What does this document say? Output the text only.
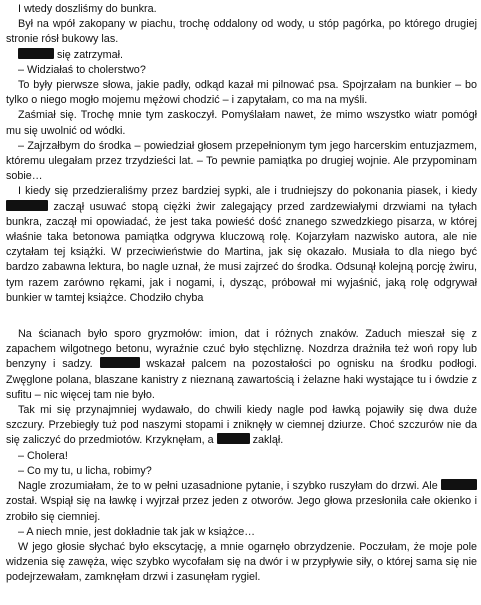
I wtedy doszliśmy do bunkra.

Był na wpół zakopany w piachu, trochę oddalony od wody, u stóp pagórka, po którego drugiej stronie rósł bukowy las.

się zatrzymał.

– Widziałaś to cholerstwo?

To były pierwsze słowa, jakie padły, odkąd kazał mi pilnować psa. Spojrzałam na bunkier – bo tylko o niego mogło mojemu mężowi chodzić – i zapytałam, co ma na myśli.

Zaśmiał się. Trochę mnie tym zaskoczył. Pomyślałam nawet, że mimo wszystko wiatr pomógł mu się uwolnić od wódki.

– Zajrzałbym do środka – powiedział głosem przepełnionym tym jego harcerskim entuzjazmem, któremu ulegałam przez trzydzieści lat. – To pewnie pamiątka po drugiej wojnie. Ale przypominam sobie…

I kiedy się przedzieraliśmy przez bardziej sypki, ale i trudniejszy do pokonania piasek, i kiedy  zaczął usuwać stopą ciężki żwir zalegający przed zardzewiałymi drzwiami na tyłach bunkra, zaczął mi opowiadać, że jest taka powieść dość znanego szwedzkiego pisarza, w której właśnie taka betonowa pamiątka odgrywa kluczową rolę. Kojarzyłam nazwisko autora, ale nie czytałam tej książki. W przeciwieństwie do Martina, jak się okazało. Musiała to dla niego być bardzo zabawna lektura, bo nagle uznał, że musi zajrzeć do środka. Odsunął kolejną porcję żwiru, tym razem zarówno rękami, jak i nogami, i, dysząc, próbował mi wyjaśnić, jaką rolę odgrywał bunkier w tamtej książce. Chodziło chyba

Na ścianach było sporo gryzmołów: imion, dat i różnych znaków. Zaduch mieszał się z zapachem wilgotnego betonu, wyraźnie czuć było stęchliznę. Nozdrza drażniła też woń ropy lub benzyny i sadzy.	wskazał palcem na pozostałości po ognisku na środku podłogi. Zwęglone polana, blaszane kanistry z nieznaną zawartością i żelazne haki wystające tu i ówdzie z sufitu – nic więcej tam nie było.

Tak mi się przynajmniej wydawało, do chwili kiedy nagle pod ławką pojawiły się dwa duże szczury. Przebiegły tuż pod naszymi stopami i zniknęły w ciemnej dziurze. Choć szczurów nie da się zaliczyć do przedmiotów. Krzyknęłam, a	zaklął.

– Cholera!

– Co my tu, u licha, robimy?

Nagle zrozumiałam, że to w pełni uzasadnione pytanie, i szybko ruszyłam do drzwi. Ale  został. Wspiął się na ławkę i wyjrzał przez jeden z otworów. Jego głowa przesłoniła całe okienko i zrobiło się ciemniej.

– A niech mnie, jest dokładnie tak jak w książce…

W jego głosie słychać było ekscytację, a mnie ogarnęło obrzydzenie. Poczułam, że moje pole widzenia się zawęża, więc szybko wycofałam się na dwór i w przypływie siły, o której sama się nie podejrzewałam, zamknęłam drzwi i zasunęłam rygiel.
